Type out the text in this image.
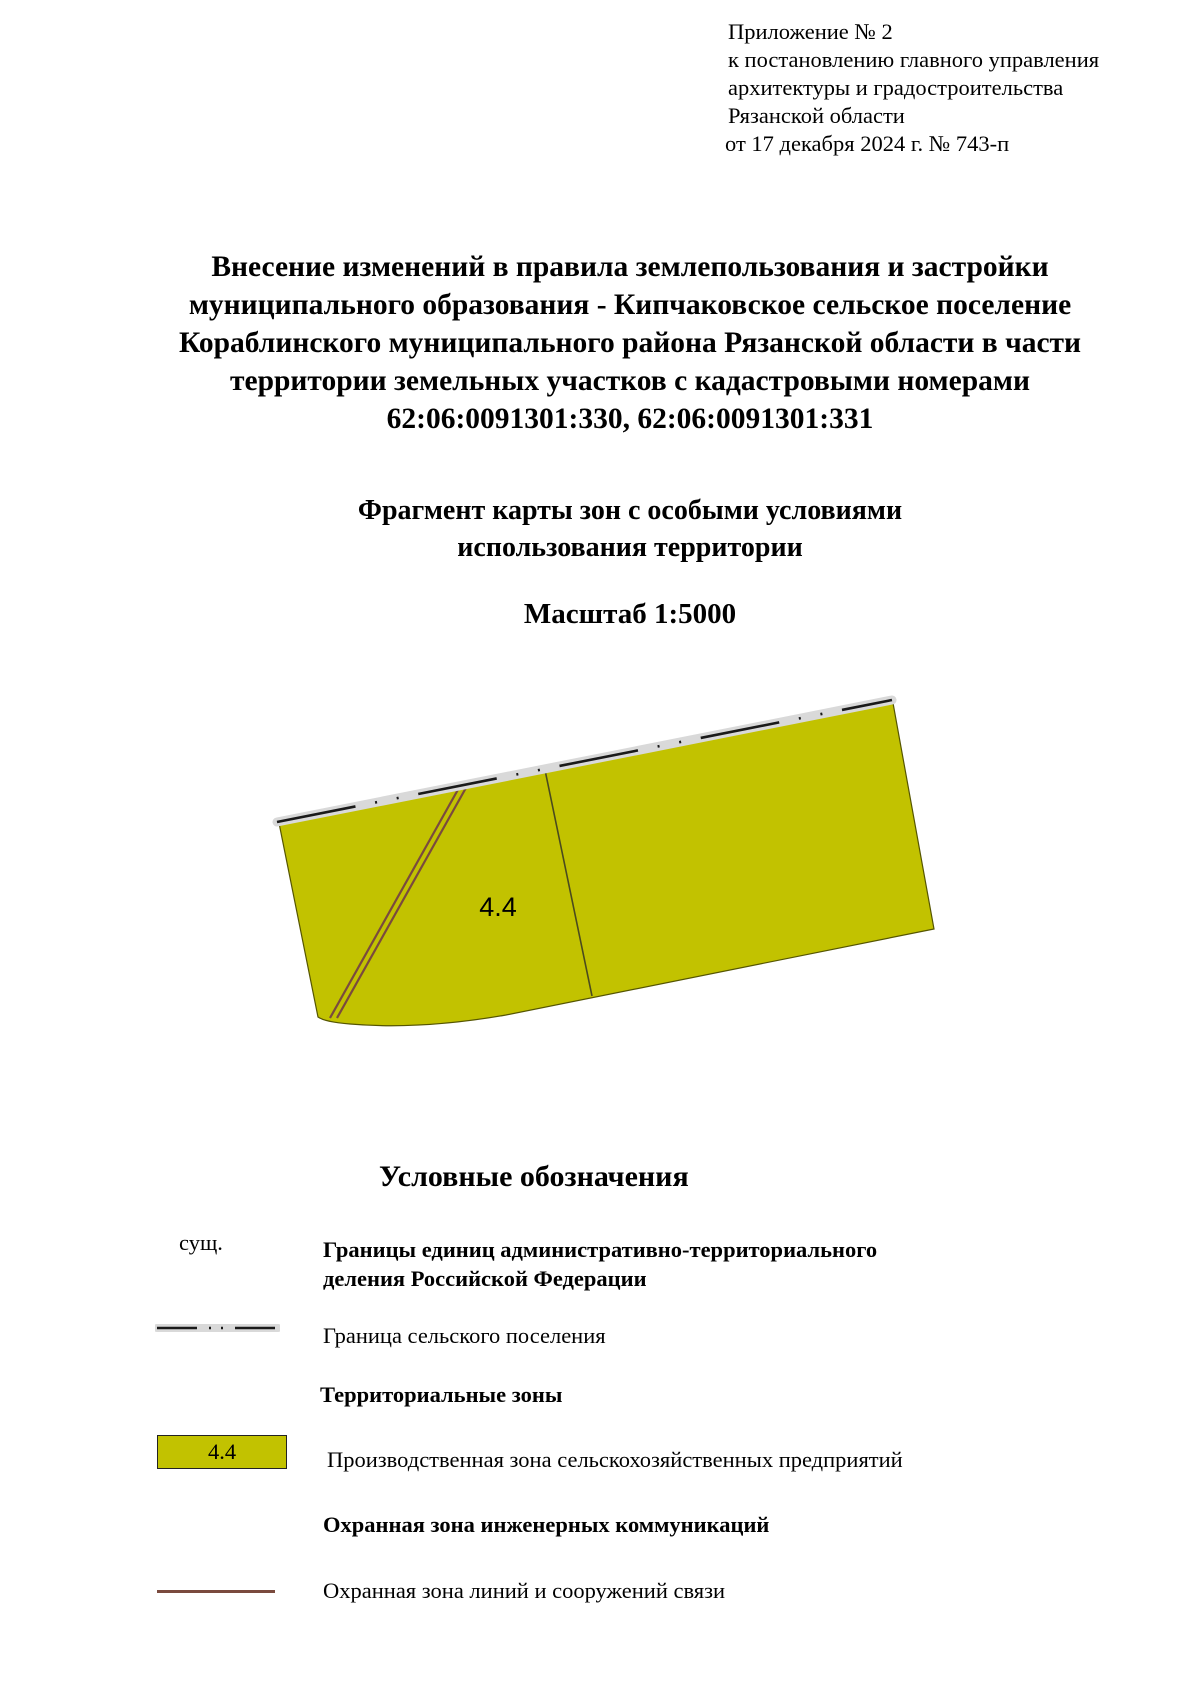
Приложение № 2
к постановлению главного управления
архитектуры и градостроительства
Рязанской области
от 17 декабря 2024 г. № 743-п
Внесение изменений в правила землепользования и застройки
муниципального образования - Кипчаковское сельское поселение
Кораблинского муниципального района Рязанской области в части
территории земельных участков с кадастровыми номерами
62:06:0091301:330, 62:06:0091301:331
Фрагмент карты зон с особыми условиями
использования территории
Масштаб 1:5000
4.4
Условные обозначения
сущ.	Границы единиц административно-территориального
деления Российской Федерации
Граница сельского поселения
Территориальные зоны
4.4	Производственная зона сельскохозяйственных предприятий
Охранная зона инженерных коммуникаций
Охранная зона линий и сооружений связи
